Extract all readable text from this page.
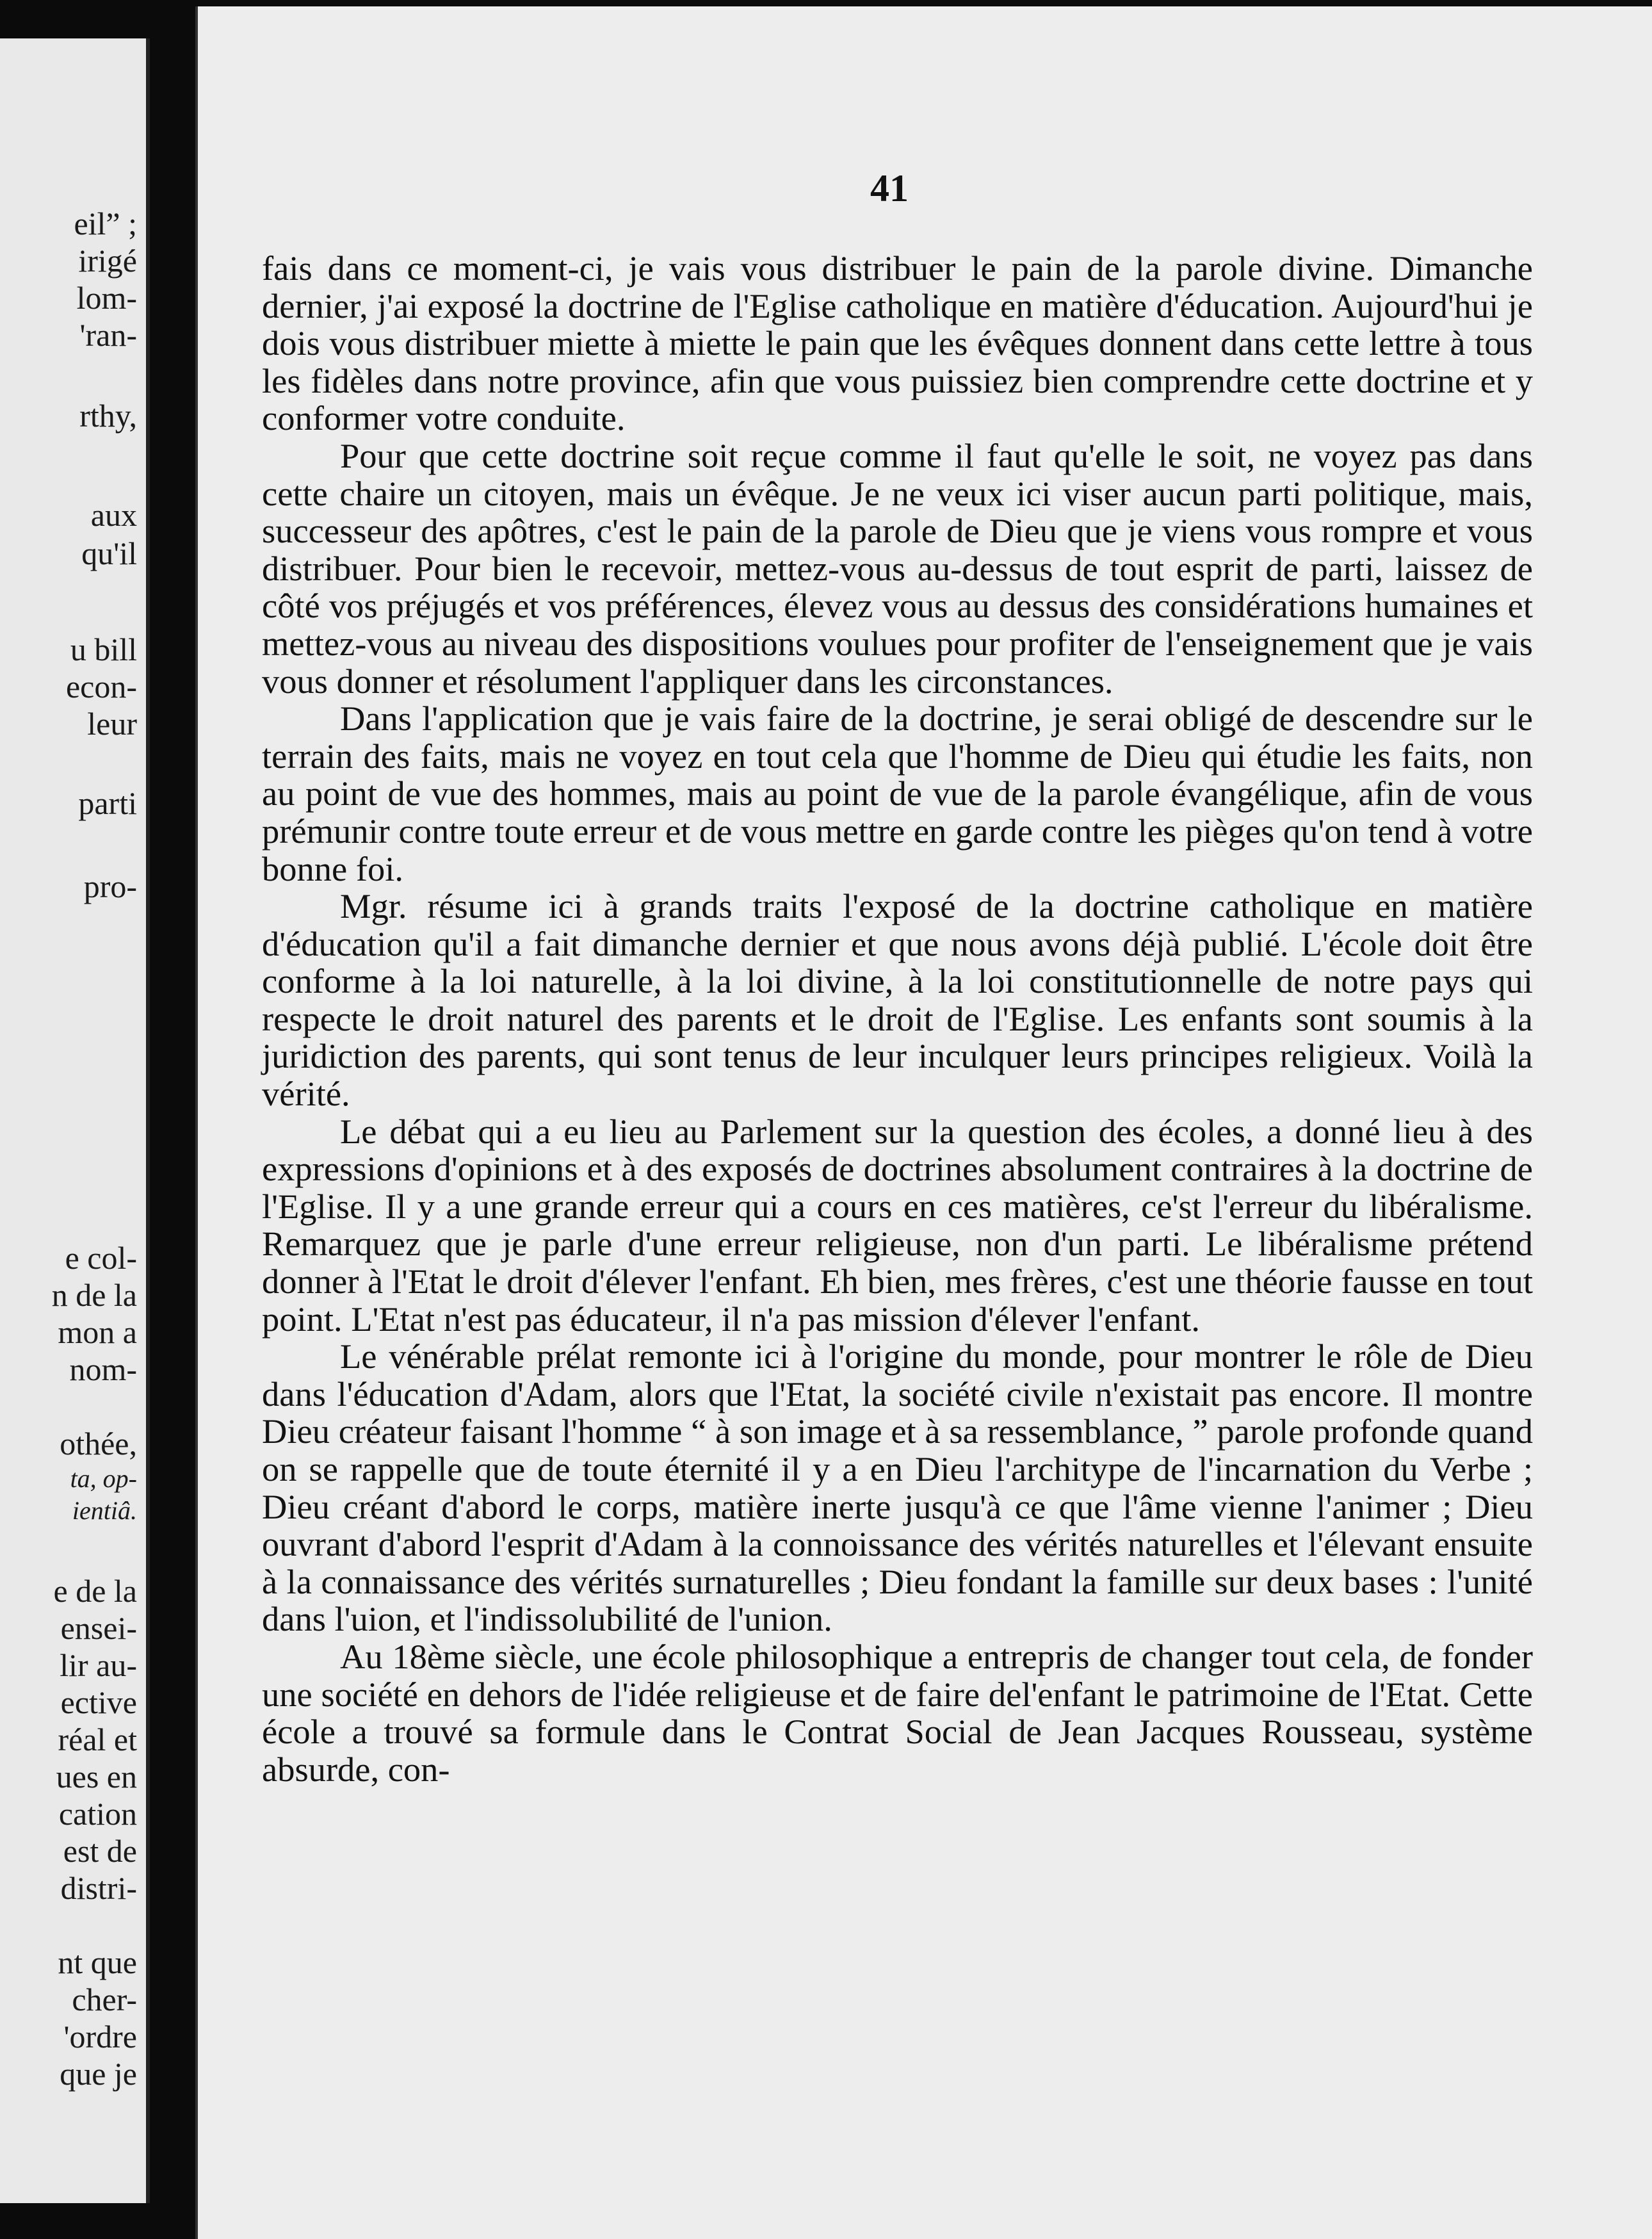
eil” ;
irigé
lom-
'ran-
rthy,
aux
qu'il
u bill
econ-
leur
parti
pro-
e col-
n de la
mon a
nom-
othée,
ta, op-
ientiâ.
e de la
ensei-
lir au-
ective
réal et
ues en
cation
est de
distri-
nt que
cher-
'ordre
que je
41

fais dans ce moment-ci, je vais vous distribuer le pain de la parole divine. Dimanche dernier, j'ai exposé la doctrine de l'Eglise catholique en matière d'éducation. Aujourd'hui je dois vous distribuer miette à miette le pain que les évêques donnent dans cette lettre à tous les fidèles dans notre province, afin que vous puissiez bien comprendre cette doctrine et y conformer votre conduite.

Pour que cette doctrine soit reçue comme il faut qu'elle le soit, ne voyez pas dans cette chaire un citoyen, mais un évêque. Je ne veux ici viser aucun parti politique, mais, successeur des apôtres, c'est le pain de la parole de Dieu que je viens vous rompre et vous distribuer. Pour bien le recevoir, mettez-vous au-dessus de tout esprit de parti, laissez de côté vos préjugés et vos préférences, élevez vous au dessus des considérations humaines et mettez-vous au niveau des dispositions voulues pour profiter de l'enseignement que je vais vous donner et résolument l'appliquer dans les circonstances.

Dans l'application que je vais faire de la doctrine, je serai obligé de descendre sur le terrain des faits, mais ne voyez en tout cela que l'homme de Dieu qui étudie les faits, non au point de vue des hommes, mais au point de vue de la parole évangélique, afin de vous prémunir contre toute erreur et de vous mettre en garde contre les pièges qu'on tend à votre bonne foi.

Mgr. résume ici à grands traits l'exposé de la doctrine catholique en matière d'éducation qu'il a fait dimanche dernier et que nous avons déjà publié. L'école doit être conforme à la loi naturelle, à la loi divine, à la loi constitutionnelle de notre pays qui respecte le droit naturel des parents et le droit de l'Eglise. Les enfants sont soumis à la juridiction des parents, qui sont tenus de leur inculquer leurs principes religieux. Voilà la vérité.

Le débat qui a eu lieu au Parlement sur la question des écoles, a donné lieu à des expressions d'opinions et à des exposés de doctrines absolument contraires à la doctrine de l'Eglise. Il y a une grande erreur qui a cours en ces matières, ce'st l'erreur du libéralisme. Remarquez que je parle d'une erreur religieuse, non d'un parti. Le libéralisme prétend donner à l'Etat le droit d'élever l'enfant. Eh bien, mes frères, c'est une théorie fausse en tout point. L'Etat n'est pas éducateur, il n'a pas mission d'élever l'enfant.

Le vénérable prélat remonte ici à l'origine du monde, pour montrer le rôle de Dieu dans l'éducation d'Adam, alors que l'Etat, la société civile n'existait pas encore. Il montre Dieu créateur faisant l'homme “ à son image et à sa ressemblance, ” parole profonde quand on se rappelle que de toute éternité il y a en Dieu l'architype de l'incarnation du Verbe ; Dieu créant d'abord le corps, matière inerte jusqu'à ce que l'âme vienne l'animer ; Dieu ouvrant d'abord l'esprit d'Adam à la connoissance des vérités naturelles et l'élevant ensuite à la connaissance des vérités surnaturelles ; Dieu fondant la famille sur deux bases : l'unité dans l'uion, et l'indissolubilité de l'union.

Au 18ème siècle, une école philosophique a entrepris de changer tout cela, de fonder une société en dehors de l'idée religieuse et de faire del'enfant le patrimoine de l'Etat. Cette école a trouvé sa formule dans le Contrat Social de Jean Jacques Rousseau, système absurde, con-
